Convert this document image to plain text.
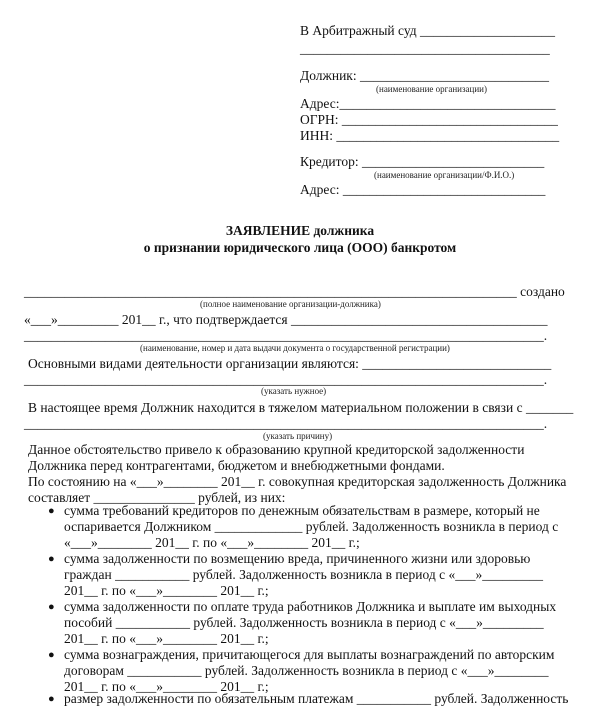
В Арбитражный суд ____________________
_____________________________________
Должник: ____________________________
(наименование организации)
Адрес:________________________________
ОГРН: ________________________________
ИНН: _________________________________
Кредитор: ___________________________
(наименование организации/Ф.И.О.)
Адрес: ______________________________
ЗАЯВЛЕНИЕ должника
о признании юридического лица (ООО) банкротом
_________________________________________________________________________ создано
(полное наименование организации-должника)
«___»_________ 201__ г., что подтверждается ______________________________________
_____________________________________________________________________________.
(наименование, номер и дата выдачи документа о государственной регистрации)
Основными видами деятельности организации являются: ____________________________
_____________________________________________________________________________.
(указать нужное)
В настоящее время Должник находится в тяжелом материальном положении в связи с _______
_____________________________________________________________________________.
(указать причину)
Данное обстоятельство привело к образованию крупной кредиторской задолженности
Должника перед контрагентами, бюджетом и внебюджетными фондами.
По состоянию на «___»________ 201__ г. совокупная кредиторская задолженность Должника
составляет _______________ рублей, из них:
● сумма требований кредиторов по денежным обязательствам в размере, который не
оспаривается Должником _____________ рублей. Задолженность возникла в период с
«___»________ 201__ г. по «___»________ 201__ г.;
● сумма задолженности по возмещению вреда, причиненного жизни или здоровью
граждан ___________ рублей. Задолженность возникла в период с «___»_________
201__ г. по «___»________ 201__ г.;
● сумма задолженности по оплате труда работников Должника и выплате им выходных
пособий ___________ рублей. Задолженность возникла в период с «___»_________
201__ г. по «___»________ 201__ г.;
● сумма вознаграждения, причитающегося для выплаты вознаграждений по авторским
договорам ___________ рублей. Задолженность возникла в период с «___»________
201__ г. по «___»________ 201__ г.;
● размер задолженности по обязательным платежам ___________ рублей. Задолженность
